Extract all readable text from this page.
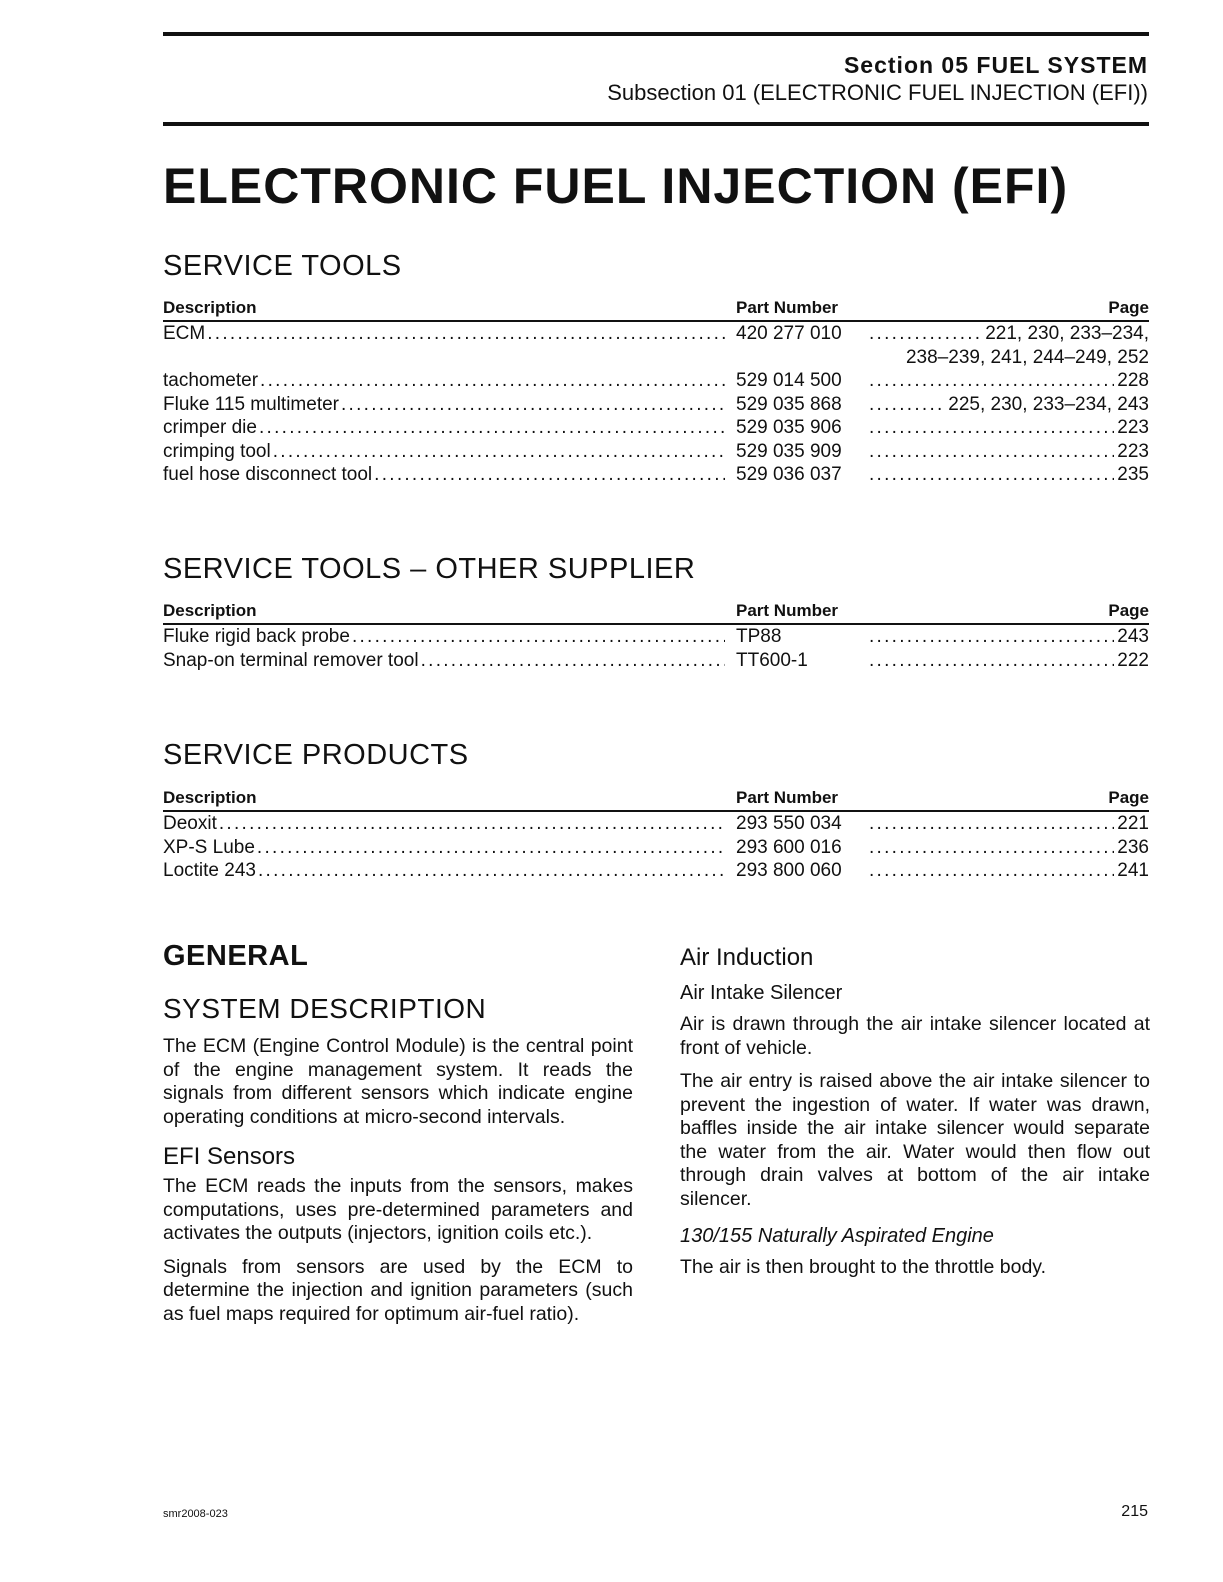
Section 05 FUEL SYSTEM
Subsection 01 (ELECTRONIC FUEL INJECTION (EFI))
ELECTRONIC FUEL INJECTION (EFI)
SERVICE TOOLS
Description	Part Number	Page
ECM . . .	420 277 010 . . .	221, 230, 233–234,
238–239, 241, 244–249, 252
tachometer . . .	529 014 500 . . .	228
Fluke 115 multimeter . . .	529 035 868 . . .	225, 230, 233–234, 243
crimper die . . .	529 035 906 . . .	223
crimping tool . . .	529 035 909 . . .	223
fuel hose disconnect tool . . .	529 036 037 . . .	235
SERVICE TOOLS – OTHER SUPPLIER
Description	Part Number	Page
Fluke rigid back probe . . .	TP88 . . .	243
Snap-on terminal remover tool . . .	TT600-1 . . .	222
SERVICE PRODUCTS
Description	Part Number	Page
Deoxit . . .	293 550 034 . . .	221
XP-S Lube . . .	293 600 016 . . .	236
Loctite 243 . . .	293 800 060 . . .	241
GENERAL
SYSTEM DESCRIPTION

The ECM (Engine Control Module) is the central point of the engine management system. It reads the signals from different sensors which indicate engine operating conditions at micro-second intervals.

EFI Sensors

The ECM reads the inputs from the sensors, makes computations, uses pre-determined parameters and activates the outputs (injectors, ignition coils etc.).

Signals from sensors are used by the ECM to determine the injection and ignition parameters (such as fuel maps required for optimum air-fuel ratio).

Air Induction
Air Intake Silencer

Air is drawn through the air intake silencer located at front of vehicle.

The air entry is raised above the air intake silencer to prevent the ingestion of water. If water was drawn, baffles inside the air intake silencer would separate the water from the air. Water would then flow out through drain valves at bottom of the air intake silencer.

130/155 Naturally Aspirated Engine

The air is then brought to the throttle body.

smr2008-023	215
